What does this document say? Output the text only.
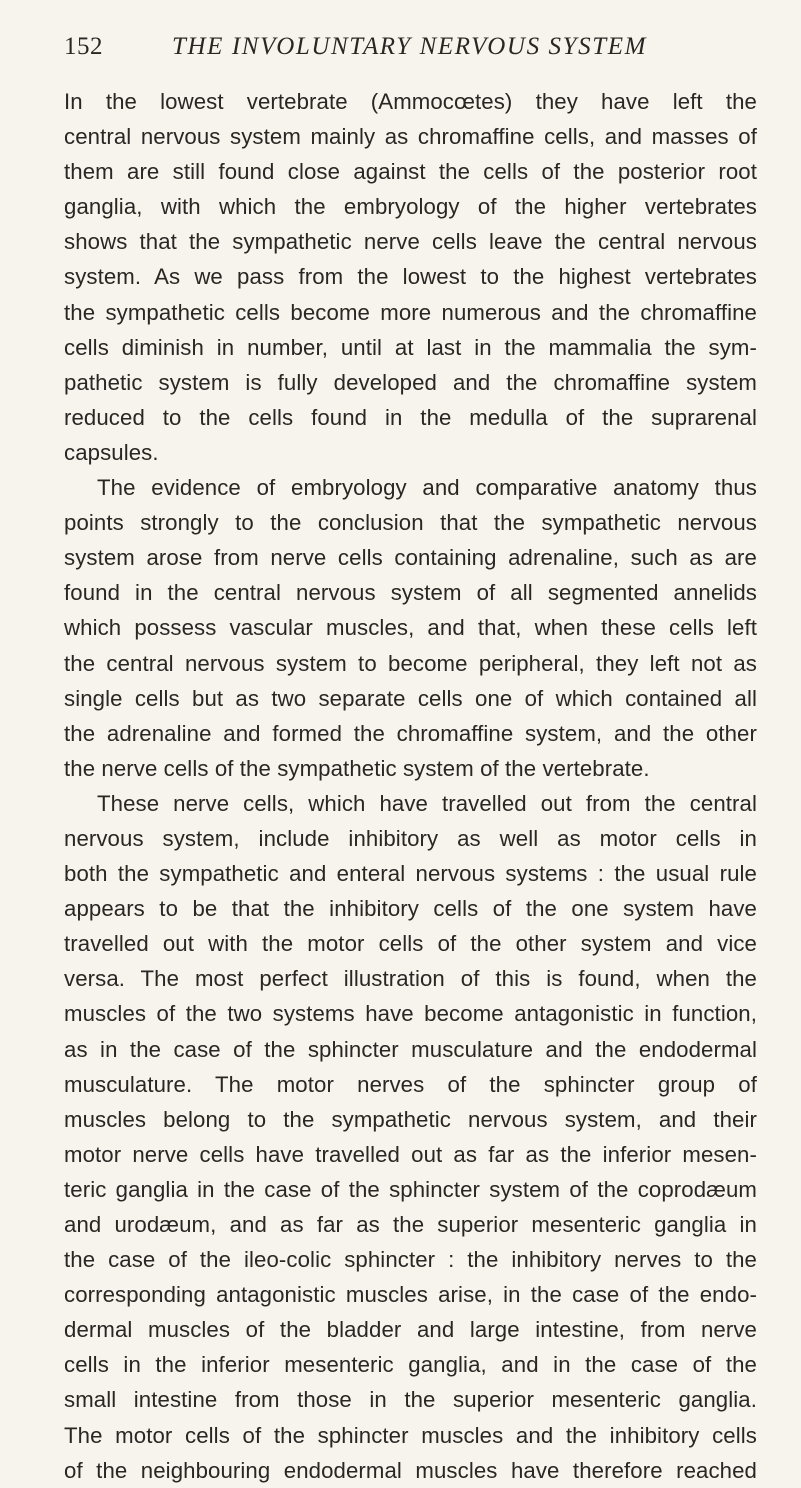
152	THE INVOLUNTARY NERVOUS SYSTEM
In the lowest vertebrate (Ammocœtes) they have left the
central nervous system mainly as chromaffine cells, and masses of
them are still found close against the cells of the posterior root
ganglia, with which the embryology of the higher vertebrates
shows that the sympathetic nerve cells leave the central nervous
system. As we pass from the lowest to the highest vertebrates
the sympathetic cells become more numerous and the chromaffine
cells diminish in number, until at last in the mammalia the sym-
pathetic system is fully developed and the chromaffine system
reduced to the cells found in the medulla of the suprarenal
capsules.
The evidence of embryology and comparative anatomy thus
points strongly to the conclusion that the sympathetic nervous
system arose from nerve cells containing adrenaline, such as are
found in the central nervous system of all segmented annelids
which possess vascular muscles, and that, when these cells left
the central nervous system to become peripheral, they left not as
single cells but as two separate cells one of which contained all
the adrenaline and formed the chromaffine system, and the other
the nerve cells of the sympathetic system of the vertebrate.
These nerve cells, which have travelled out from the central
nervous system, include inhibitory as well as motor cells in
both the sympathetic and enteral nervous systems : the usual rule
appears to be that the inhibitory cells of the one system have
travelled out with the motor cells of the other system and vice
versa. The most perfect illustration of this is found, when the
muscles of the two systems have become antagonistic in function,
as in the case of the sphincter musculature and the endodermal
musculature. The motor nerves of the sphincter group of
muscles belong to the sympathetic nervous system, and their
motor nerve cells have travelled out as far as the inferior mesen-
teric ganglia in the case of the sphincter system of the coprodæum
and urodæum, and as far as the superior mesenteric ganglia in
the case of the ileo-colic sphincter : the inhibitory nerves to the
corresponding antagonistic muscles arise, in the case of the endo-
dermal muscles of the bladder and large intestine, from nerve
cells in the inferior mesenteric ganglia, and in the case of the
small intestine from those in the superior mesenteric ganglia.
The motor cells of the sphincter muscles and the inhibitory cells
of the neighbouring endodermal muscles have therefore reached
